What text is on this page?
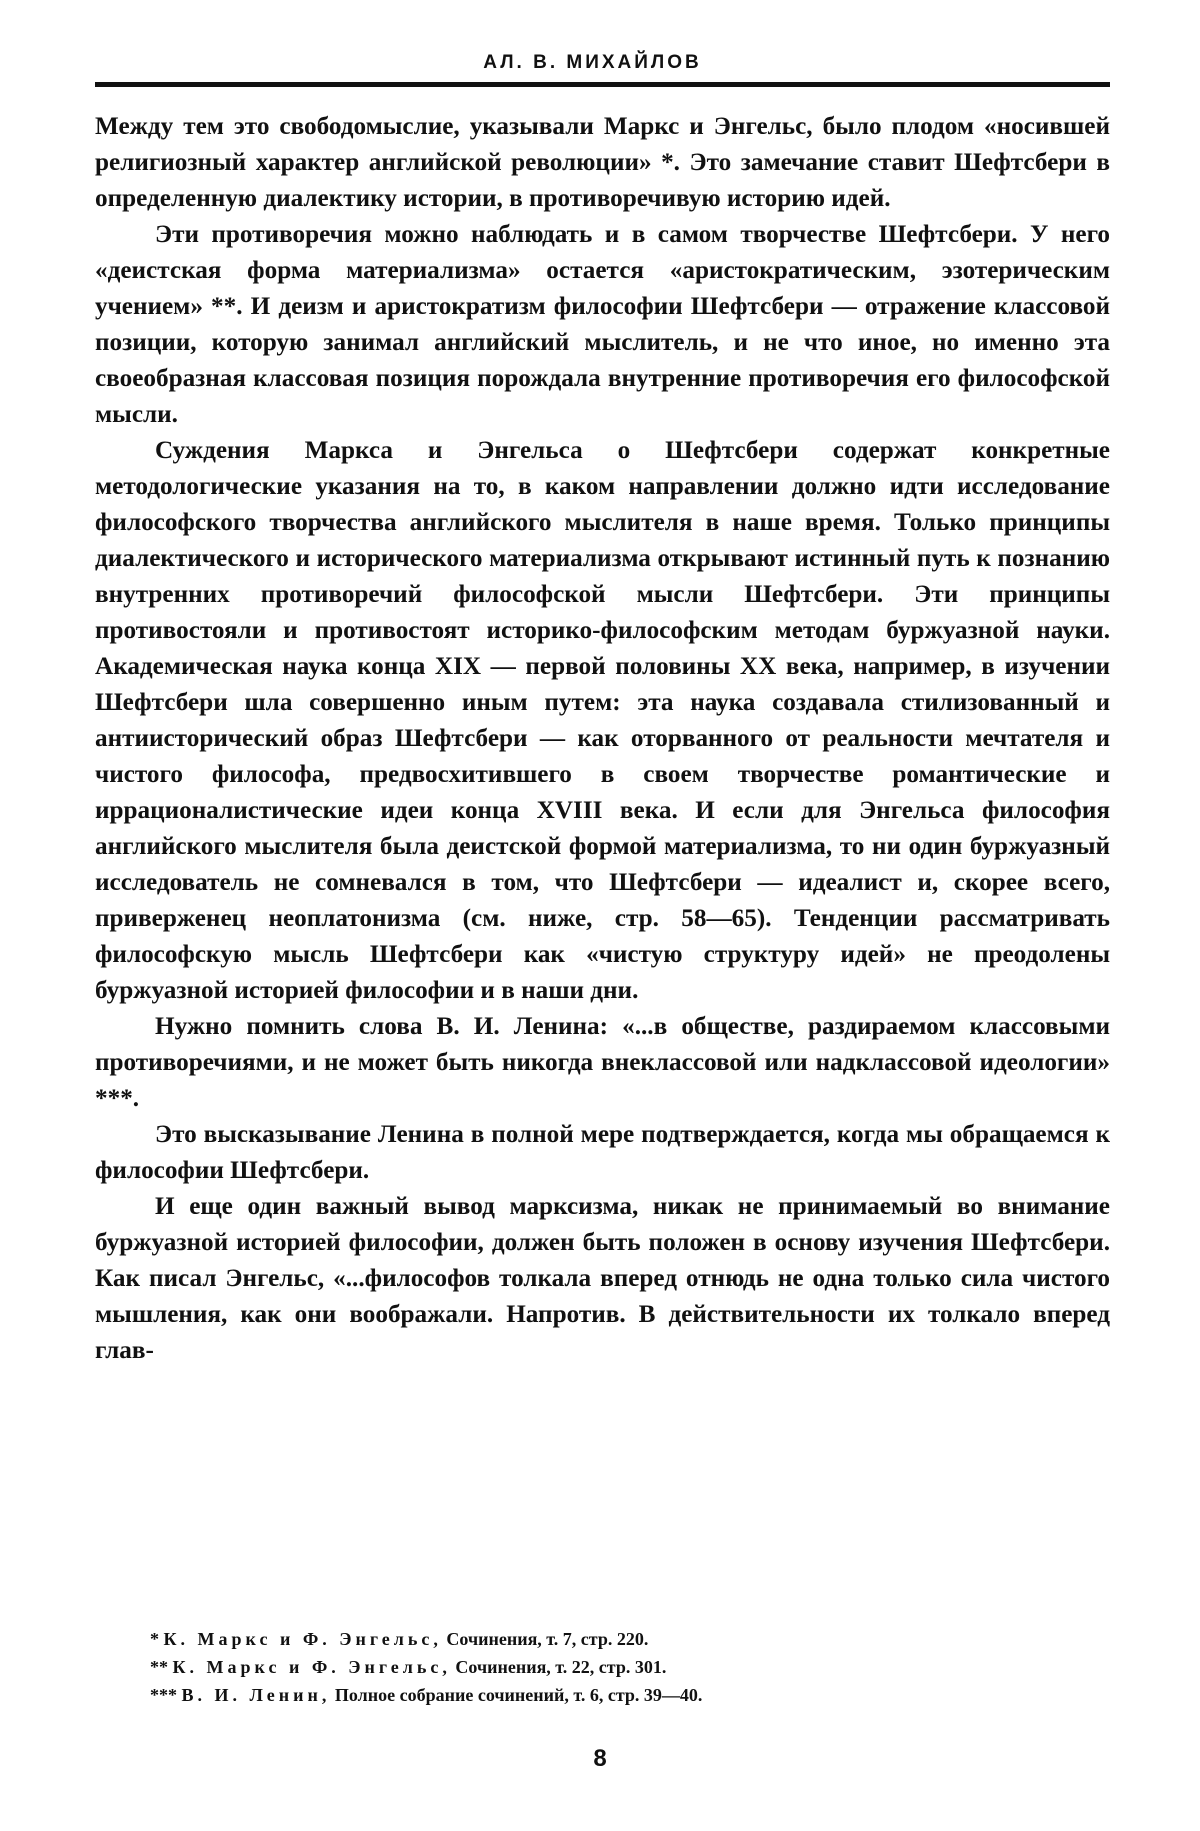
АЛ. В. МИХАЙЛОВ

Между тем это свободомыслие, указывали Маркс и Энгельс, было плодом «носившей религиозный характер английской революции» *. Это замечание ставит Шефтсбери в определенную диалектику истории, в противоречивую историю идей.

Эти противоречия можно наблюдать и в самом творчестве Шефтсбери. У него «деистская форма материализма» остается «аристократическим, эзотерическим учением» **. И деизм и аристократизм философии Шефтсбери — отражение классовой позиции, которую занимал английский мыслитель, и не что иное, но именно эта своеобразная классовая позиция порождала внутренние противоречия его философской мысли.

Суждения Маркса и Энгельса о Шефтсбери содержат конкретные методологические указания на то, в каком направлении должно идти исследование философского творчества английского мыслителя в наше время. Только принципы диалектического и исторического материализма открывают истинный путь к познанию внутренних противоречий философской мысли Шефтсбери. Эти принципы противостояли и противостоят историко-философским методам буржуазной науки. Академическая наука конца XIX — первой половины XX века, например, в изучении Шефтсбери шла совершенно иным путем: эта наука создавала стилизованный и антиисторический образ Шефтсбери — как оторванного от реальности мечтателя и чистого философа, предвосхитившего в своем творчестве романтические и иррационалистические идеи конца XVIII века. И если для Энгельса философия английского мыслителя была деистской формой материализма, то ни один буржуазный исследователь не сомневался в том, что Шефтсбери — идеалист и, скорее всего, приверженец неоплатонизма (см. ниже, стр. 58—65). Тенденции рассматривать философскую мысль Шефтсбери как «чистую структуру идей» не преодолены буржуазной историей философии и в наши дни.

Нужно помнить слова В. И. Ленина: «...в обществе, раздираемом классовыми противоречиями, и не может быть никогда внеклассовой или надклассовой идеологии» ***.

Это высказывание Ленина в полной мере подтверждается, когда мы обращаемся к философии Шефтсбери.

И еще один важный вывод марксизма, никак не принимаемый во внимание буржуазной историей философии, должен быть положен в основу изучения Шефтсбери. Как писал Энгельс, «...философов толкала вперед отнюдь не одна только сила чистого мышления, как они воображали. Напротив. В действительности их толкало вперед глав-

* К. Маркс и Ф. Энгельс, Сочинения, т. 7, стр. 220.

** К. Маркс и Ф. Энгельс, Сочинения, т. 22, стр. 301.

*** В. И. Ленин, Полное собрание сочинений, т. 6, стр. 39—40.

8
